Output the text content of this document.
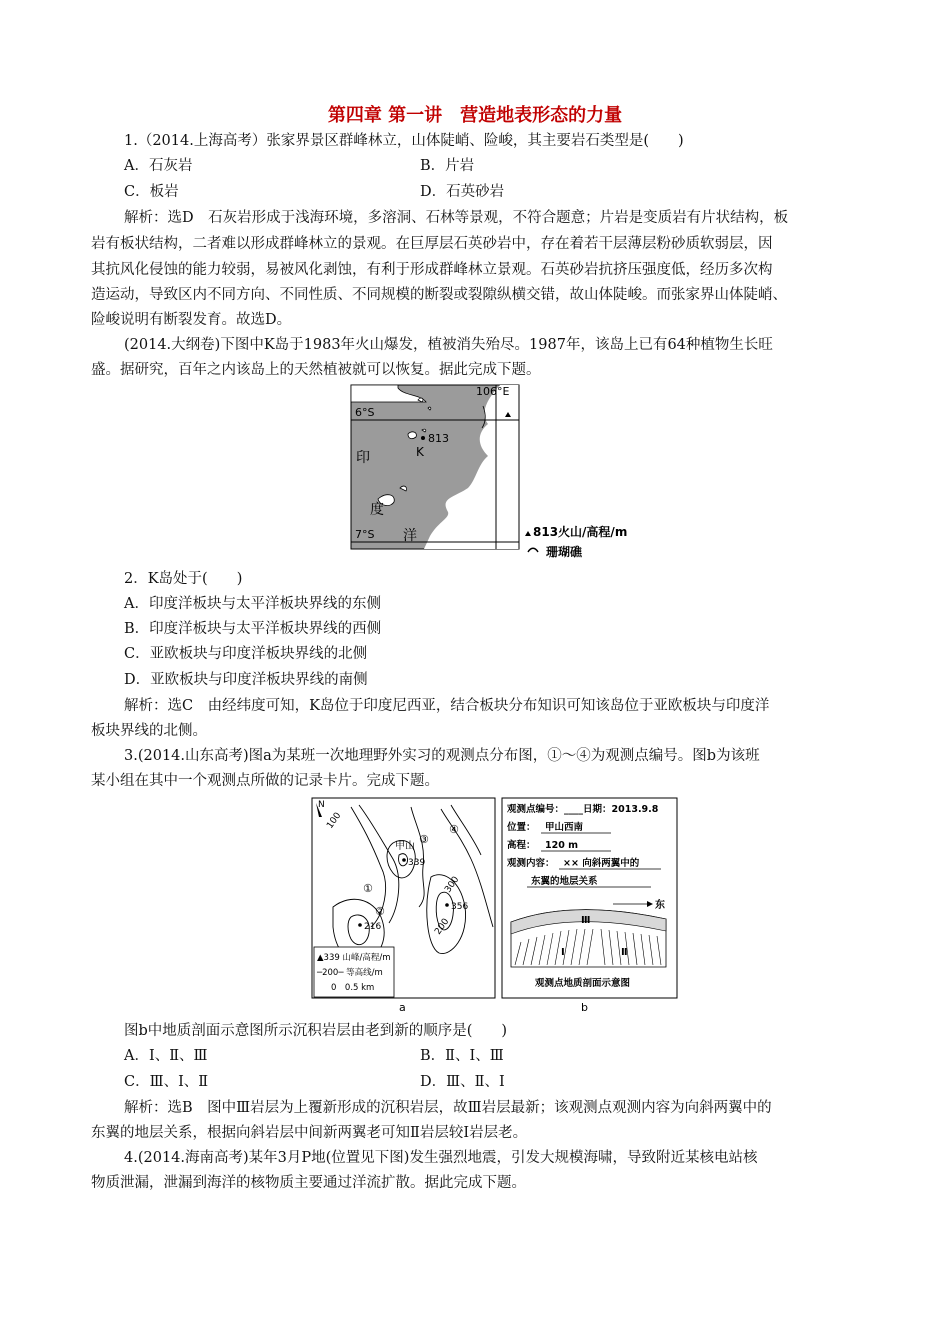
第四章 第一讲　营造地表形态的力量
1.（2014.上海高考）张家界景区群峰林立，山体陡峭、险峻，其主要岩石类型是(　　)
A．石灰岩	B．片岩
C．板岩	D．石英砂岩
解析：选D　石灰岩形成于浅海环境，多溶洞、石林等景观，不符合题意；片岩是变质岩有片状结构，板
岩有板状结构，二者难以形成群峰林立的景观。在巨厚层石英砂岩中，存在着若干层薄层粉砂质软弱层，因
其抗风化侵蚀的能力较弱，易被风化剥蚀，有利于形成群峰林立景观。石英砂岩抗挤压强度低，经历多次构
造运动，导致区内不同方向、不同性质、不同规模的断裂或裂隙纵横交错，故山体陡峻。而张家界山体陡峭、
险峻说明有断裂发育。故选D。
(2014.大纲卷)下图中K岛于1983年火山爆发，植被消失殆尽。1987年，该岛上已有64种植物生长旺
盛。据研究，百年之内该岛上的天然植被就可以恢复。据此完成下题。
6°S
7°S
106°E
813
K
印
度
洋	813火山/高程/m
珊瑚礁
2．K岛处于(　　)
A．印度洋板块与太平洋板块界线的东侧
B．印度洋板块与太平洋板块界线的西侧
C．亚欧板块与印度洋板块界线的北侧
D．亚欧板块与印度洋板块界线的南侧
解析：选C　由经纬度可知，K岛位于印度尼西亚，结合板块分布知识可知该岛位于亚欧板块与印度洋
板块界线的北侧。
3.(2014.山东高考)图a为某班一次地理野外实习的观测点分布图，①～④为观测点编号。图b为该班
某小组在其中一个观测点所做的记录卡片。完成下题。
N
100
300
200
甲山
339
356
216
①
②
③
④
▲339 山峰/高程/m
─200─ 等高线/m
0　0.5 km
a
观测点编号：____日期：2013.9.8
位置： 甲山西南
高程： 120 m
观测内容： ×× 向斜两翼中的
东翼的地层关系
东
Ⅲ
Ⅰ	Ⅱ
观测点地质剖面示意图
b
图b中地质剖面示意图所示沉积岩层由老到新的顺序是(　　)
A．Ⅰ、Ⅱ、Ⅲ	B．Ⅱ、Ⅰ、Ⅲ
C．Ⅲ、Ⅰ、Ⅱ	D．Ⅲ、Ⅱ、Ⅰ
解析：选B　图中Ⅲ岩层为上覆新形成的沉积岩层，故Ⅲ岩层最新；该观测点观测内容为向斜两翼中的
东翼的地层关系，根据向斜岩层中间新两翼老可知Ⅱ岩层较Ⅰ岩层老。
4.(2014.海南高考)某年3月P地(位置见下图)发生强烈地震，引发大规模海啸，导致附近某核电站核
物质泄漏，泄漏到海洋的核物质主要通过洋流扩散。据此完成下题。
